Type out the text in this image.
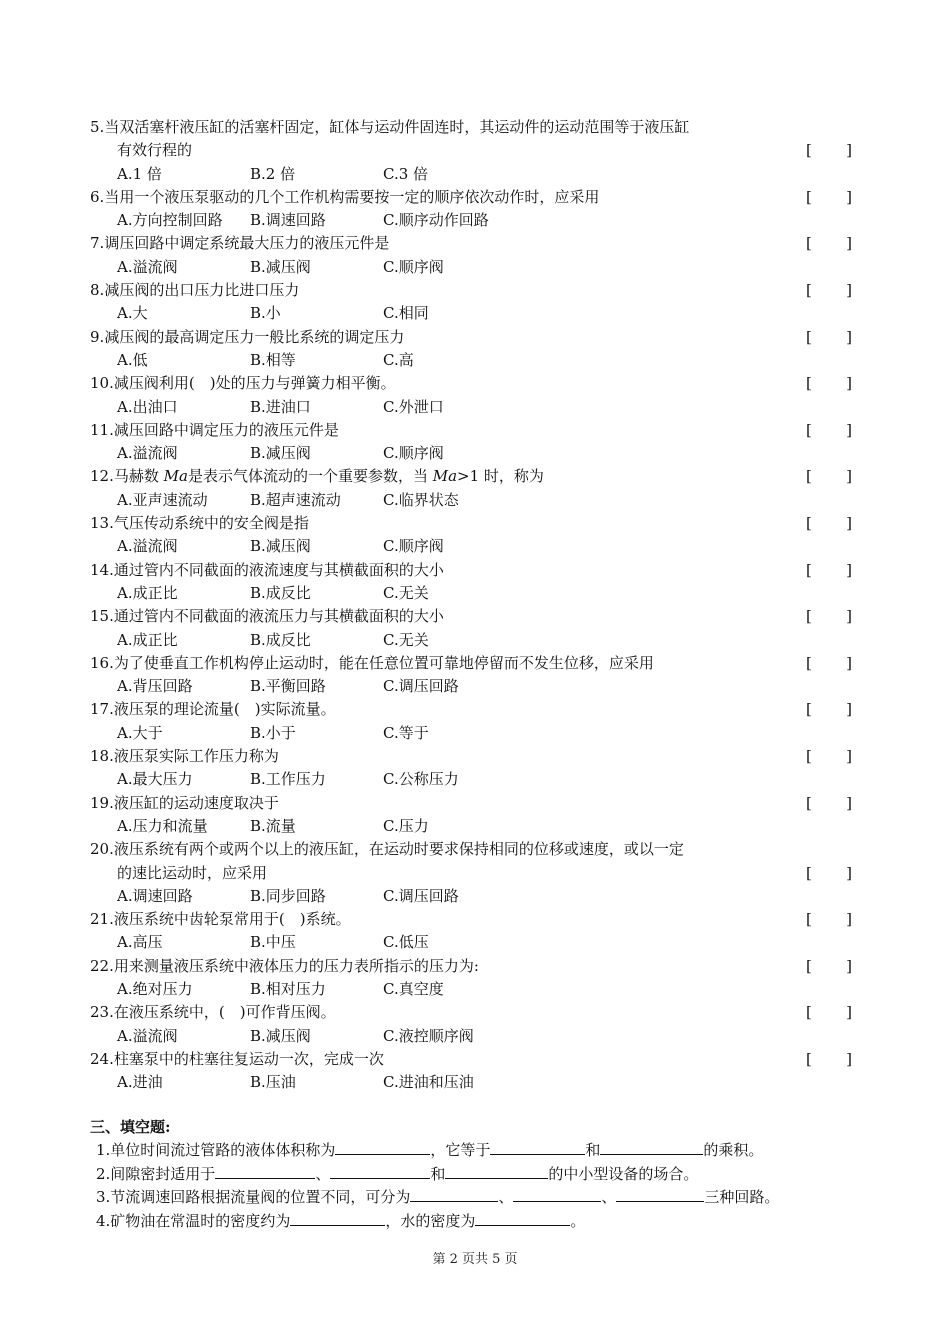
5.当双活塞杆液压缸的活塞杆固定，缸体与运动件固连时，其运动件的运动范围等于液压缸
有效行程的	[ ]
A.1 倍	B.2 倍	C.3 倍
6.当用一个液压泵驱动的几个工作机构需要按一定的顺序依次动作时，应采用	[ ]
A.方向控制回路 B.调速回路	C.顺序动作回路
7.调压回路中调定系统最大压力的液压元件是	[ ]
A.溢流阀	B.减压阀	C.顺序阀
8.减压阀的出口压力比进口压力	[ ]
A.大	B.小	C.相同
9.减压阀的最高调定压力一般比系统的调定压力	[ ]
A.低	B.相等	C.高
10.减压阀利用(　)处的压力与弹簧力相平衡。	[ ]
A.出油口	B.进油口	C.外泄口
11.减压回路中调定压力的液压元件是	[ ]
A.溢流阀	B.减压阀	C.顺序阀
12.马赫数 Ma是表示气体流动的一个重要参数，当 Ma>1 时，称为	[ ]
A.亚声速流动	B.超声速流动	C.临界状态
13.气压传动系统中的安全阀是指	[ ]
A.溢流阀	B.减压阀	C.顺序阀
14.通过管内不同截面的液流速度与其横截面积的大小	[ ]
A.成正比	B.成反比	C.无关
15.通过管内不同截面的液流压力与其横截面积的大小	[ ]
A.成正比	B.成反比	C.无关
16.为了使垂直工作机构停止运动时，能在任意位置可靠地停留而不发生位移，应采用	[ ]
A.背压回路	B.平衡回路	C.调压回路
17.液压泵的理论流量(　)实际流量。	[ ]
A.大于	B.小于	C.等于
18.液压泵实际工作压力称为	[ ]
A.最大压力	B.工作压力	C.公称压力
19.液压缸的运动速度取决于	[ ]
A.压力和流量	B.流量	C.压力
20.液压系统有两个或两个以上的液压缸，在运动时要求保持相同的位移或速度，或以一定
的速比运动时，应采用	[ ]
A.调速回路	B.同步回路	C.调压回路
21.液压系统中齿轮泵常用于(　)系统。	[ ]
A.高压	B.中压	C.低压
22.用来测量液压系统中液体压力的压力表所指示的压力为:	[ ]
A.绝对压力	B.相对压力	C.真空度
23.在液压系统中，(　)可作背压阀。	[ ]
A.溢流阀	B.减压阀	C.液控顺序阀
24.柱塞泵中的柱塞往复运动一次，完成一次	[ ]
A.进油	B.压油	C.进油和压油
三、填空题:
1.单位时间流过管路的液体体积称为	，它等于	和	的乘积。
2.间隙密封适用于	、	和	的中小型设备的场合。
3.节流调速回路根据流量阀的位置不同，可分为	、	、	三种回路。
4.矿物油在常温时的密度约为	，水的密度为	。
第 2 页共 5 页
